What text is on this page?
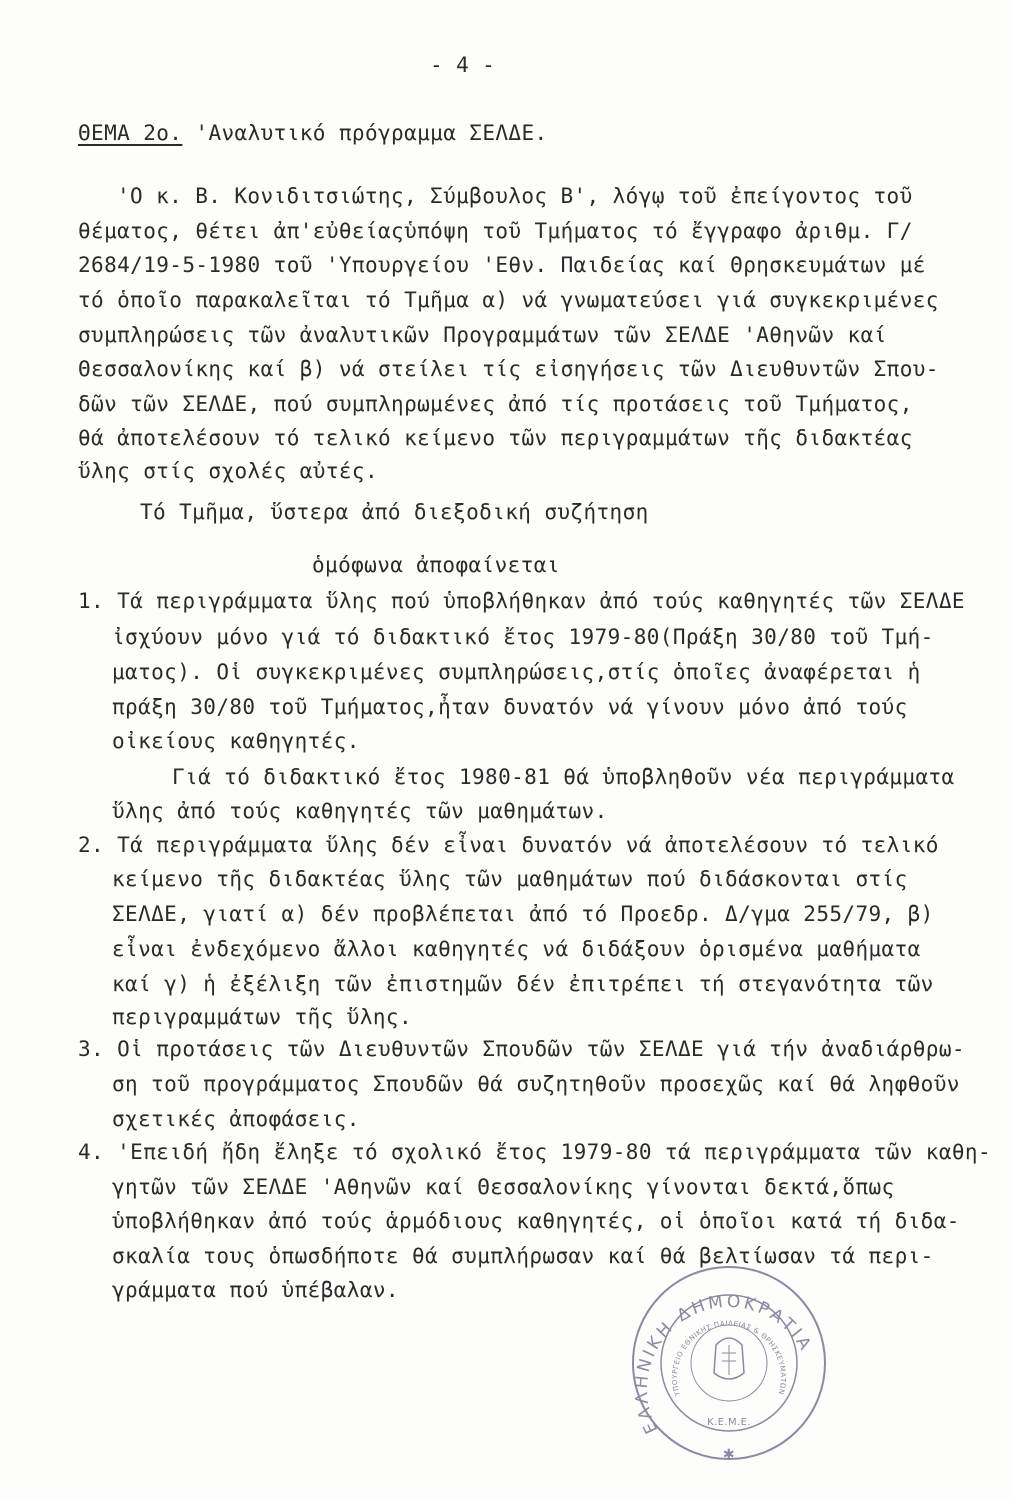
- 4 -
ΘΕΜΑ 2ο. 'Αναλυτικό πρόγραμμα ΣΕΛΔΕ.
'Ο κ. Β. Κονιδιτσιώτης, Σύμβουλος Β', λόγῳ τοῦ ἐπείγοντος τοῦ
θέματος, θέτει ἀπ'εὐθείαςὑπόψη τοῦ Τμήματος τό ἔγγραφο ἀριθμ. Γ/
2684/19-5-1980 τοῦ 'Υπουργείου 'Εθν. Παιδείας καί Θρησκευμάτων μέ
τό ὁποῖο παρακαλεῖται τό Τμῆμα α) νά γνωματεύσει γιά συγκεκριμένες
συμπληρώσεις τῶν ἀναλυτικῶν Προγραμμάτων τῶν ΣΕΛΔΕ 'Αθηνῶν καί
Θεσσαλονίκης καί β) νά στείλει τίς εἰσηγήσεις τῶν Διευθυντῶν Σπου-
δῶν τῶν ΣΕΛΔΕ, πού συμπληρωμένες ἀπό τίς προτάσεις τοῦ Τμήματος,
θά ἀποτελέσουν τό τελικό κείμενο τῶν περιγραμμάτων τῆς διδακτέας
ὕλης στίς σχολές αὐτές.
Τό Τμῆμα, ὕστερα ἀπό διεξοδική συζήτηση
ὁμόφωνα ἀποφαίνεται
1. Τά περιγράμματα ὕλης πού ὑποβλήθηκαν ἀπό τούς καθηγητές τῶν ΣΕΛΔΕ
ἰσχύουν μόνο γιά τό διδακτικό ἔτος 1979-80(Πράξη 30/80 τοῦ Τμή-
ματος). Οἱ συγκεκριμένες συμπληρώσεις,στίς ὁποῖες ἀναφέρεται ἡ
πράξη 30/80 τοῦ Τμήματος,ἦταν δυνατόν νά γίνουν μόνο ἀπό τούς
οἰκείους καθηγητές.
Γιά τό διδακτικό ἔτος 1980-81 θά ὑποβληθοῦν νέα περιγράμματα
ὕλης ἀπό τούς καθηγητές τῶν μαθημάτων.
2. Τά περιγράμματα ὕλης δέν εἶναι δυνατόν νά ἀποτελέσουν τό τελικό
κείμενο τῆς διδακτέας ὕλης τῶν μαθημάτων πού διδάσκονται στίς
ΣΕΛΔΕ, γιατί α) δέν προβλέπεται ἀπό τό Προεδρ. Δ/γμα 255/79, β)
εἶναι ἐνδεχόμενο ἄλλοι καθηγητές νά διδάξουν ὁρισμένα μαθήματα
καί γ) ἡ ἐξέλιξη τῶν ἐπιστημῶν δέν ἐπιτρέπει τή στεγανότητα τῶν
περιγραμμάτων τῆς ὕλης.
3. Οἱ προτάσεις τῶν Διευθυντῶν Σπουδῶν τῶν ΣΕΛΔΕ γιά τήν ἀναδιάρθρω-
ση τοῦ προγράμματος Σπουδῶν θά συζητηθοῦν προσεχῶς καί θά ληφθοῦν
σχετικές ἀποφάσεις.
4. 'Επειδή ἤδη ἔληξε τό σχολικό ἔτος 1979-80 τά περιγράμματα τῶν καθη-
γητῶν τῶν ΣΕΛΔΕ 'Αθηνῶν καί Θεσσαλονίκης γίνονται δεκτά,ὅπως
ὑποβλήθηκαν ἀπό τούς ἁρμόδιους καθηγητές, οἱ ὁποῖοι κατά τή διδα-
σκαλία τους ὁπωσδήποτε θά συμπλήρωσαν καί θά βελτίωσαν τά περι-
γράμματα πού ὑπέβαλαν.
ΕΛΛΗΝΙΚΗ ΔΗΜΟΚΡΑΤΙΑ
ΥΠΟΥΡΓΕΙΟ ΕΘΝΙΚΗΣ ΠΑΙΔΕΙΑΣ & ΘΡΗΣΚΕΥΜΑΤΩΝ
Κ.Ε.Μ.Ε.
✱
